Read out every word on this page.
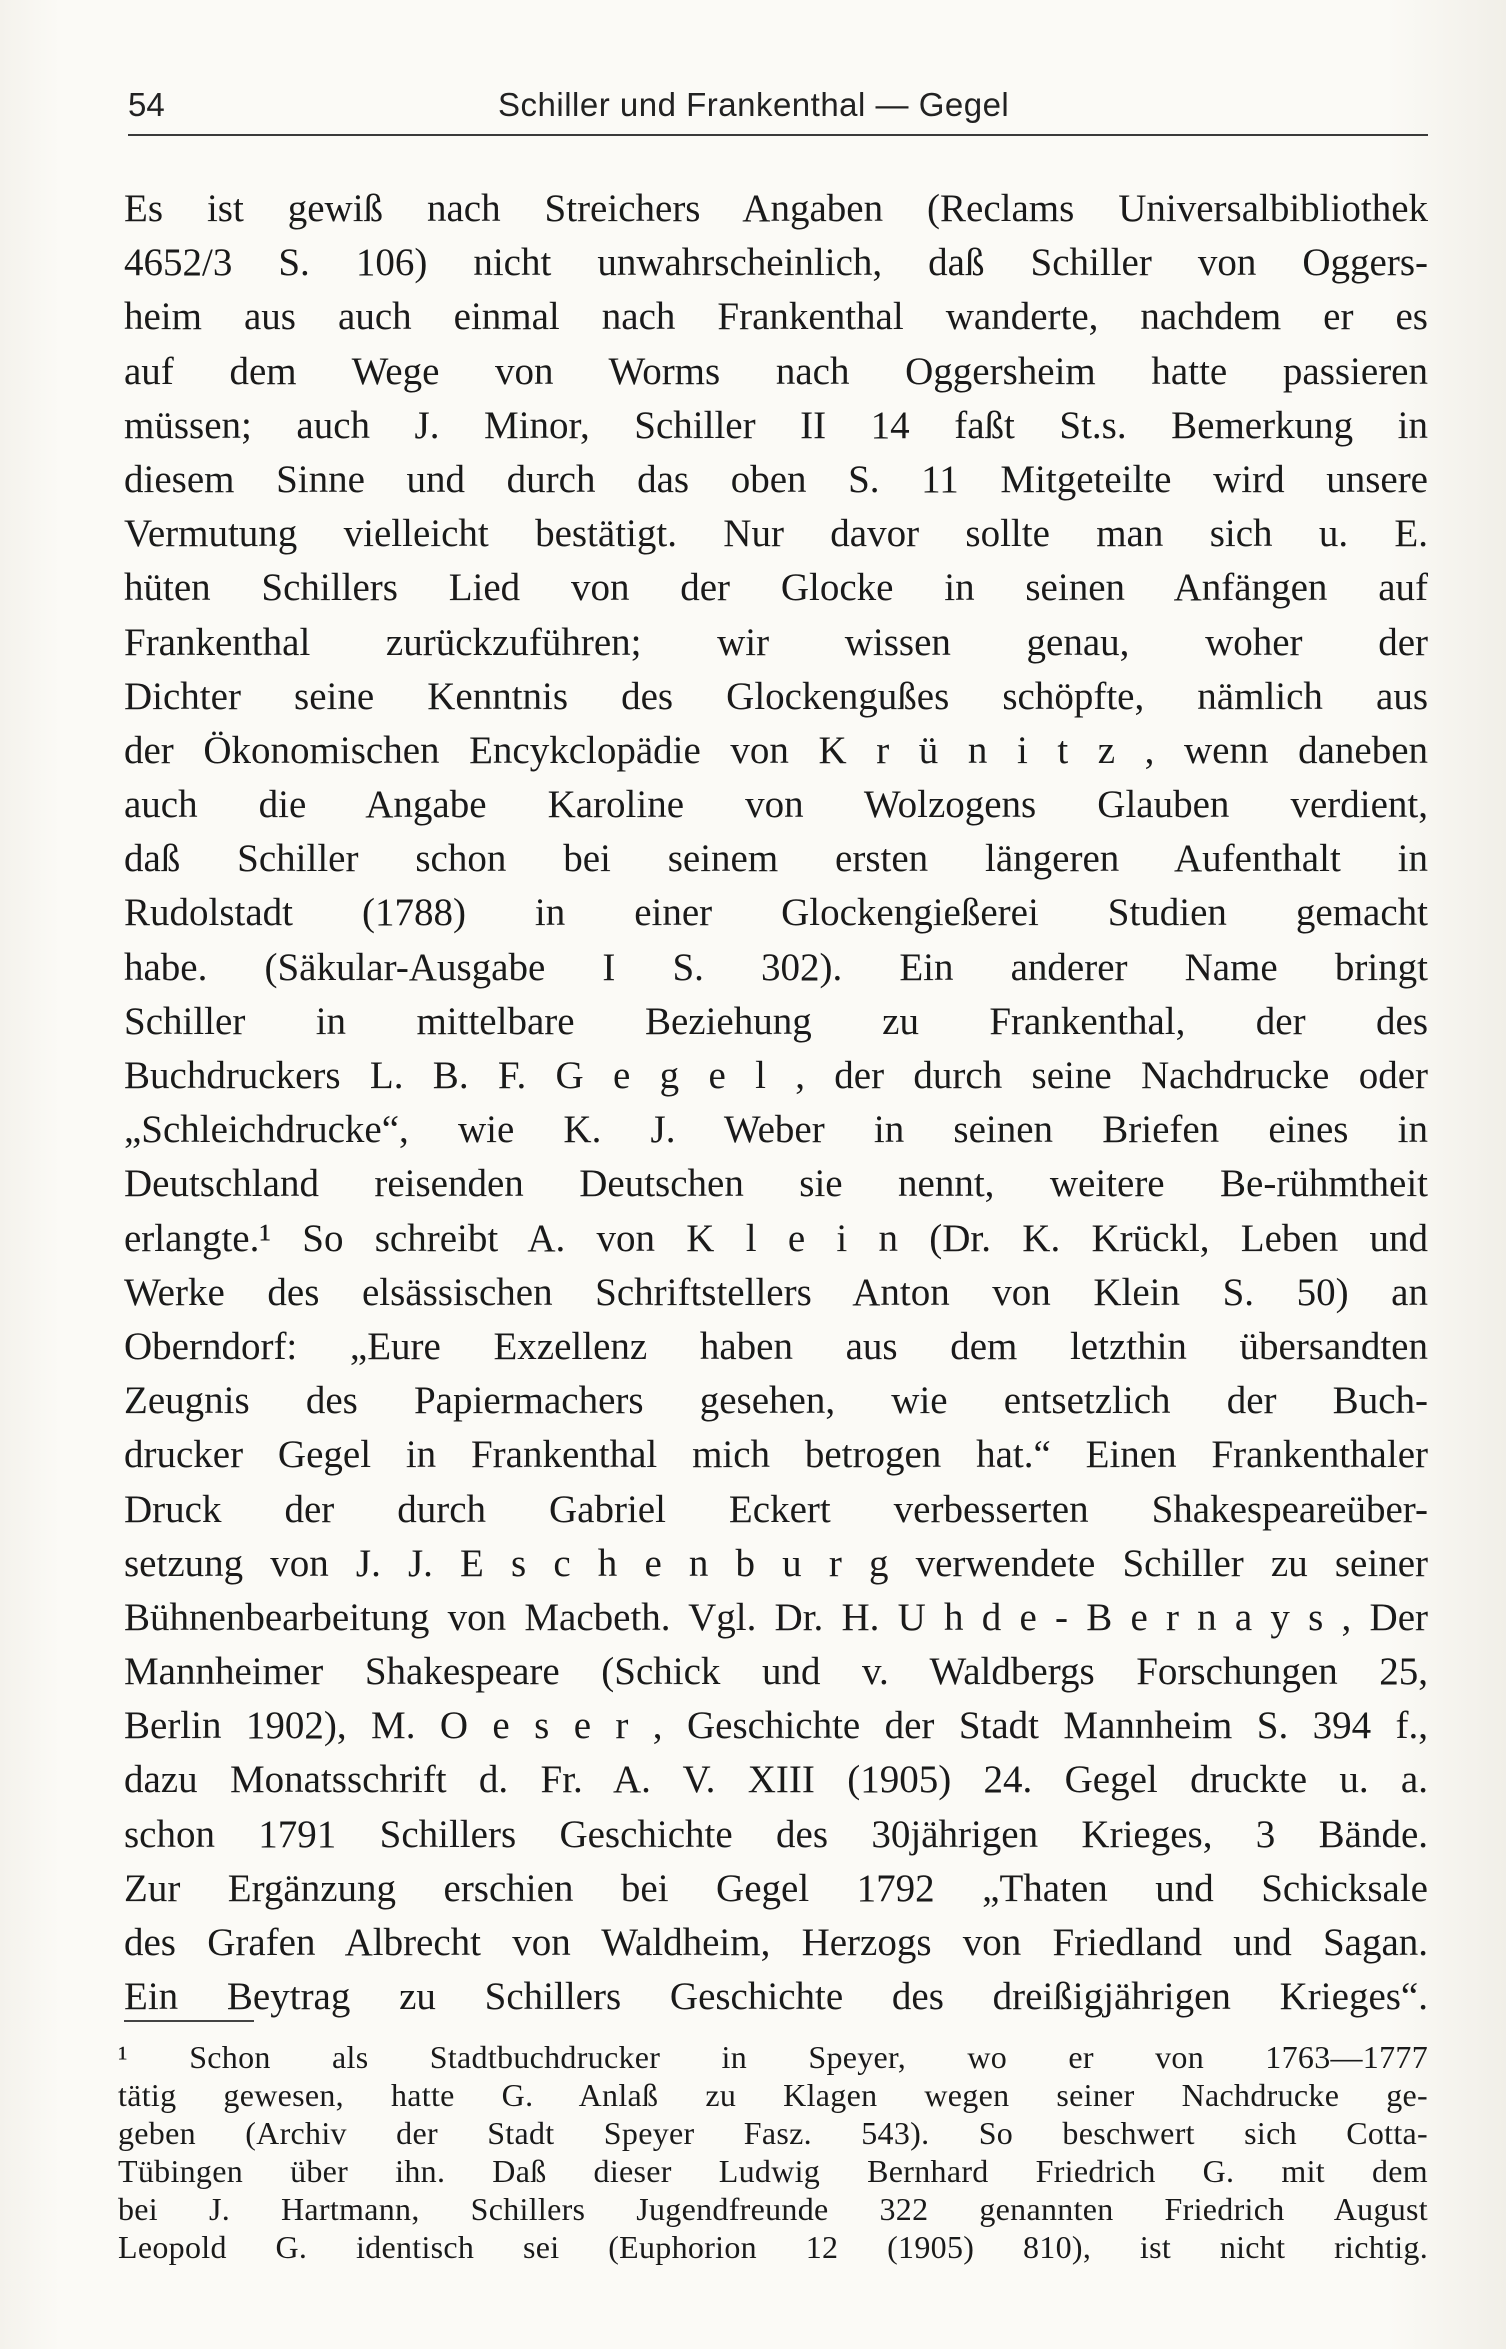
54	Schiller und Frankenthal — Gegel
Es ist gewiß nach Streichers Angaben (Reclams Universalbibliothek
4652/3 S. 106) nicht unwahrscheinlich, daß Schiller von Oggers-
heim aus auch einmal nach Frankenthal wanderte, nachdem er es
auf dem Wege von Worms nach Oggersheim hatte passieren
müssen; auch J. Minor, Schiller II 14 faßt St.s. Bemerkung in
diesem Sinne und durch das oben S. 11 Mitgeteilte wird unsere
Vermutung vielleicht bestätigt. Nur davor sollte man sich u. E.
hüten Schillers Lied von der Glocke in seinen Anfängen auf
Frankenthal zurückzuführen; wir wissen genau, woher der
Dichter seine Kenntnis des Glockengußes schöpfte, nämlich aus
der Ökonomischen Encykclopädie von K r ü n i t z , wenn daneben
auch die Angabe Karoline von Wolzogens Glauben verdient,
daß Schiller schon bei seinem ersten längeren Aufenthalt in
Rudolstadt (1788) in einer Glockengießerei Studien gemacht
habe. (Säkular-Ausgabe I S. 302). Ein anderer Name bringt
Schiller in mittelbare Beziehung zu Frankenthal, der des
Buchdruckers L. B. F. G e g e l , der durch seine Nachdrucke oder
„Schleichdrucke“, wie K. J. Weber in seinen Briefen eines in
Deutschland reisenden Deutschen sie nennt, weitere Be-rühmtheit
erlangte.¹ So schreibt A. von K l e i n (Dr. K. Krückl, Leben und
Werke des elsässischen Schriftstellers Anton von Klein S. 50) an
Oberndorf: „Eure Exzellenz haben aus dem letzthin übersandten
Zeugnis des Papiermachers gesehen, wie entsetzlich der Buch-
drucker Gegel in Frankenthal mich betrogen hat.“ Einen Frankenthaler
Druck der durch Gabriel Eckert verbesserten Shakespeareüber-
setzung von J. J. E s c h e n b u r g verwendete Schiller zu seiner
Bühnenbearbeitung von Macbeth. Vgl. Dr. H. U h d e - B e r n a y s , Der
Mannheimer Shakespeare (Schick und v. Waldbergs Forschungen 25,
Berlin 1902), M. O e s e r , Geschichte der Stadt Mannheim S. 394 f.,
dazu Monatsschrift d. Fr. A. V. XIII (1905) 24. Gegel druckte u. a.
schon 1791 Schillers Geschichte des 30jährigen Krieges, 3 Bände.
Zur Ergänzung erschien bei Gegel 1792 „Thaten und Schicksale
des Grafen Albrecht von Waldheim, Herzogs von Friedland und Sagan.
Ein Beytrag zu Schillers Geschichte des dreißigjährigen Krieges“.
¹ Schon als Stadtbuchdrucker in Speyer, wo er von 1763—1777
tätig gewesen, hatte G. Anlaß zu Klagen wegen seiner Nachdrucke ge-
geben (Archiv der Stadt Speyer Fasz. 543). So beschwert sich Cotta-
Tübingen über ihn. Daß dieser Ludwig Bernhard Friedrich G. mit dem
bei J. Hartmann, Schillers Jugendfreunde 322 genannten Friedrich August
Leopold G. identisch sei (Euphorion 12 (1905) 810), ist nicht richtig.
